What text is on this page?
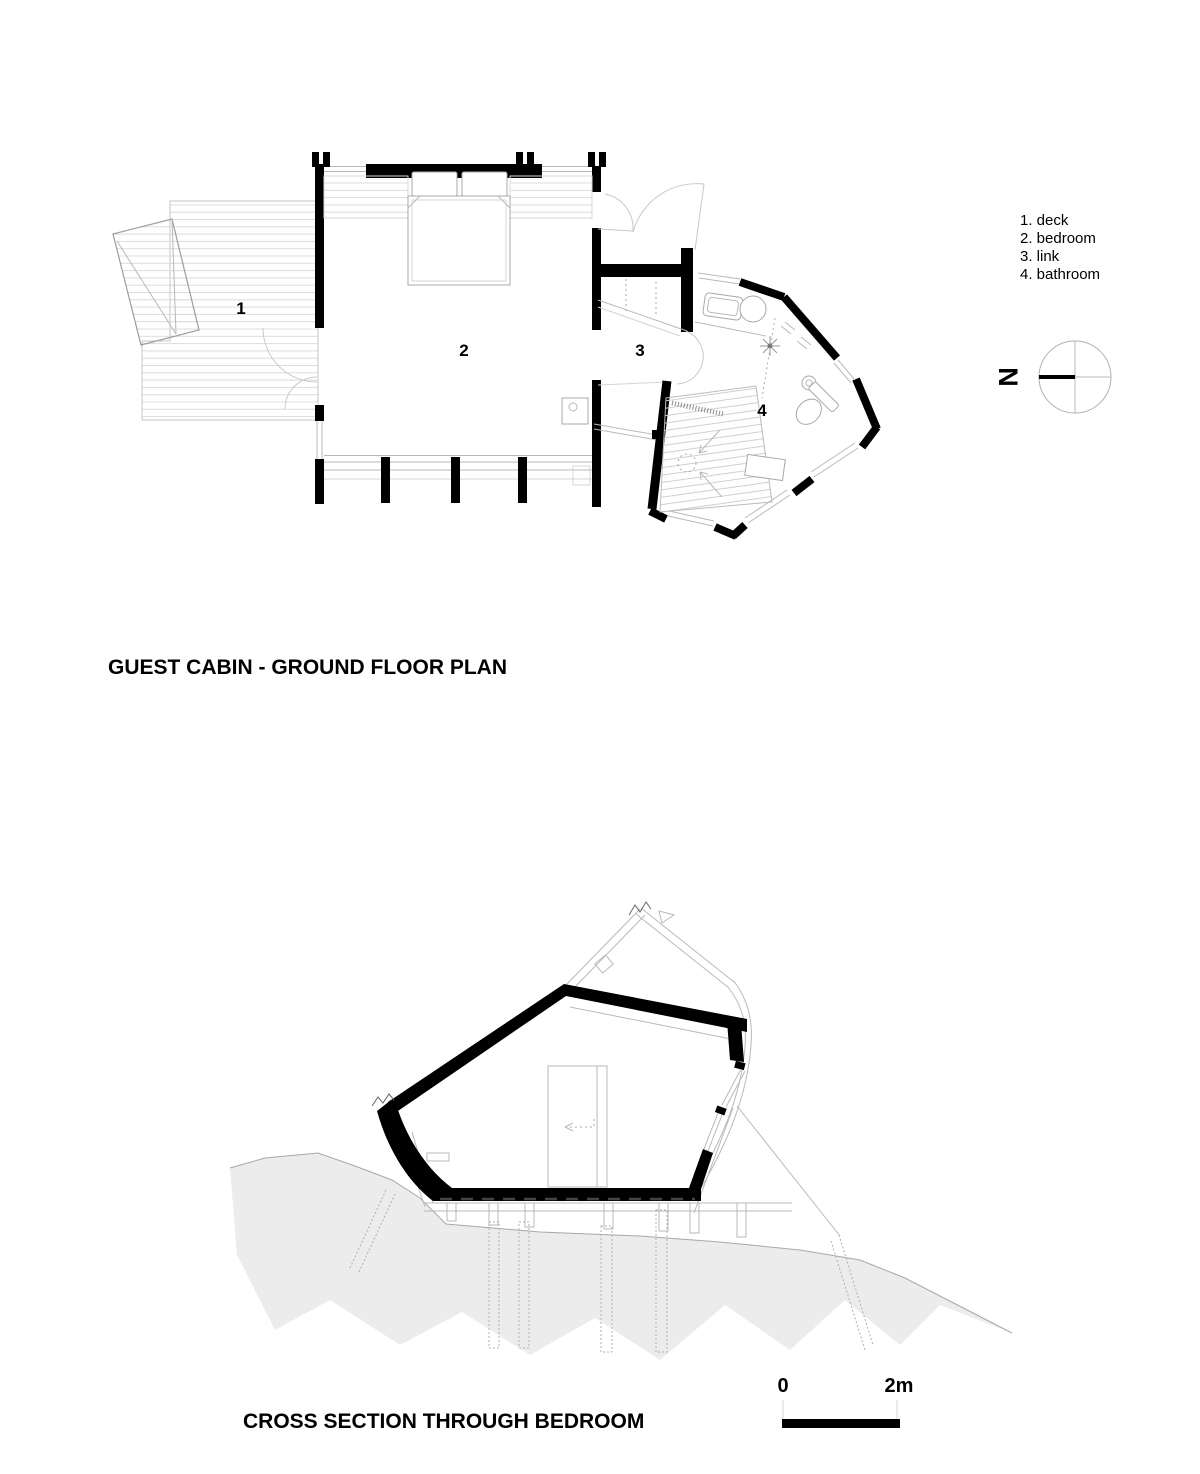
1
2	3
4
1. deck
2. bedroom
3. link
4. bathroom
N
GUEST CABIN - GROUND FLOOR PLAN
0	2m
CROSS SECTION THROUGH BEDROOM
